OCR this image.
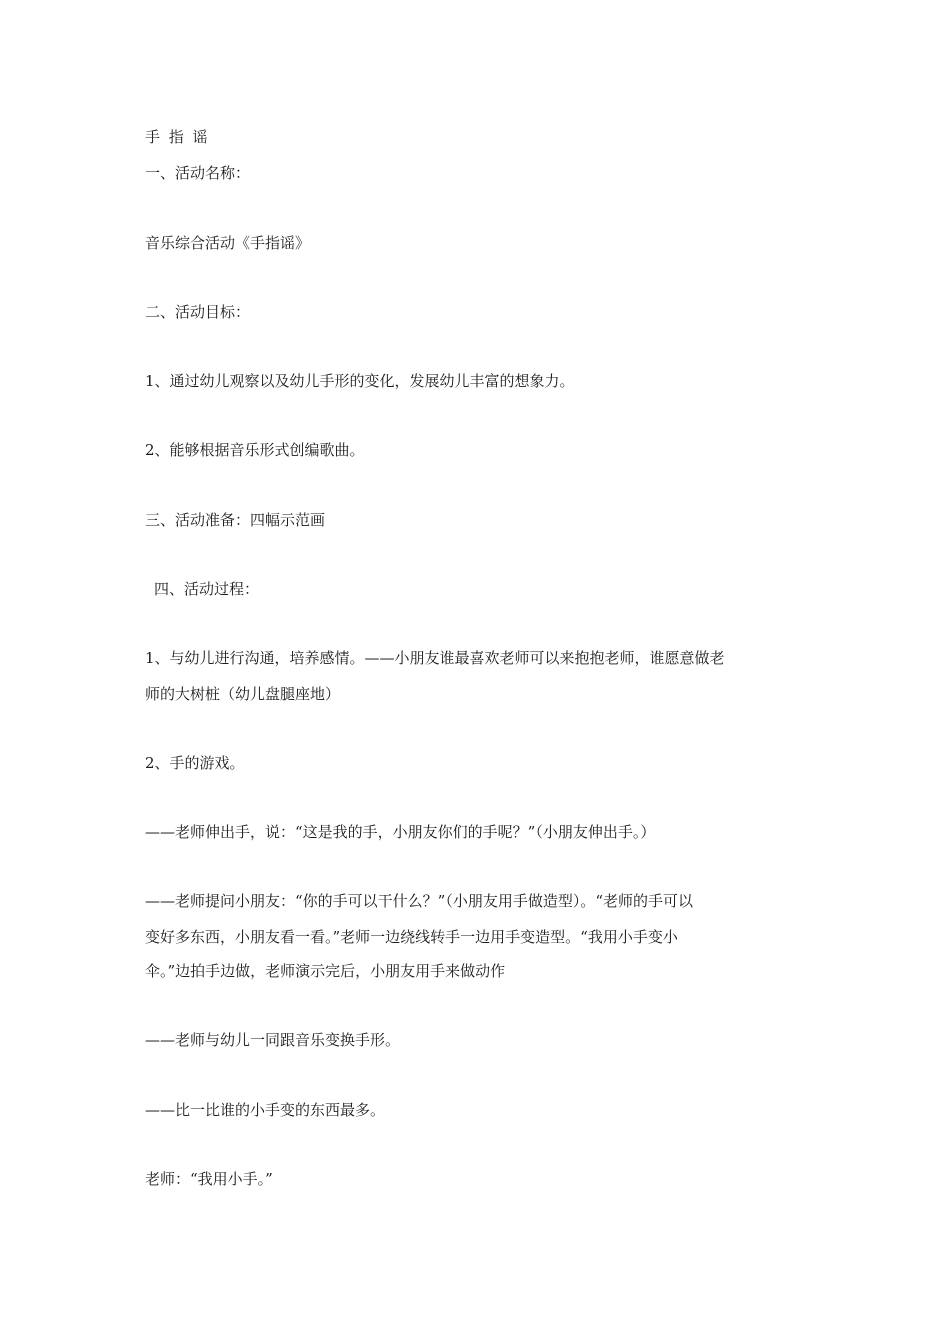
手 指 谣
一、活动名称：
音乐综合活动《手指谣》
二、活动目标：
1、通过幼儿观察以及幼儿手形的变化，发展幼儿丰富的想象力。
2、能够根据音乐形式创编歌曲。
三、活动准备：四幅示范画
四、活动过程：
1、与幼儿进行沟通，培养感情。——小朋友谁最喜欢老师可以来抱抱老师，谁愿意做老
师的大树桩（幼儿盘腿座地）
2、手的游戏。
——老师伸出手，说：“这是我的手，小朋友你们的手呢？”（小朋友伸出手。）
——老师提问小朋友：“你的手可以干什么？”（小朋友用手做造型）。“老师的手可以
变好多东西，小朋友看一看。”老师一边绕线转手一边用手变造型。“我用小手变小
伞。”边拍手边做，老师演示完后，小朋友用手来做动作
——老师与幼儿一同跟音乐变换手形。
——比一比谁的小手变的东西最多。
老师：“我用小手。”
